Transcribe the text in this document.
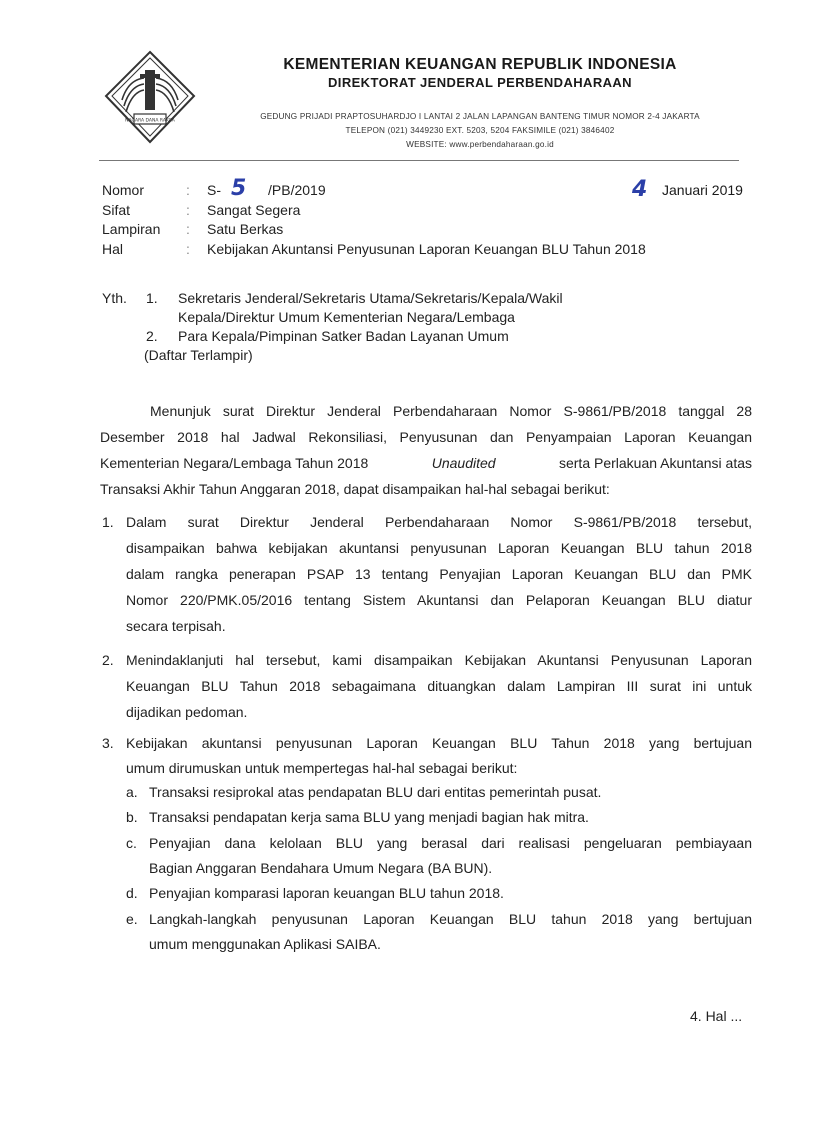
NAGARA DANA RAKCA
KEMENTERIAN KEUANGAN REPUBLIK INDONESIA
DIREKTORAT JENDERAL PERBENDAHARAAN
GEDUNG PRIJADI PRAPTOSUHARDJO I LANTAI 2 JALAN LAPANGAN BANTENG TIMUR NOMOR 2-4 JAKARTA
TELEPON (021) 3449230 EXT. 5203, 5204 FAKSIMILE (021) 3846402
WEBSITE: www.perbendaharaan.go.id
Nomor	: S- 5 /PB/2019	4 Januari 2019
Sifat	: Sangat Segera
Lampiran : Satu Berkas
Hal	: Kebijakan Akuntansi Penyusunan Laporan Keuangan BLU Tahun 2018
Yth. 1. Sekretaris Jenderal/Sekretaris Utama/Sekretaris/Kepala/Wakil
Kepala/Direktur Umum Kementerian Negara/Lembaga
2. Para Kepala/Pimpinan Satker Badan Layanan Umum
(Daftar Terlampir)
Menunjuk surat Direktur Jenderal Perbendaharaan Nomor S-9861/PB/2018 tanggal 28
Desember 2018 hal Jadwal Rekonsiliasi, Penyusunan dan Penyampaian Laporan Keuangan
Kementerian Negara/Lembaga Tahun 2018	Unaudited	serta Perlakuan Akuntansi atas
Transaksi Akhir Tahun Anggaran 2018, dapat disampaikan hal-hal sebagai berikut:
1. Dalam surat Direktur Jenderal Perbendaharaan Nomor S-9861/PB/2018 tersebut,
disampaikan bahwa kebijakan akuntansi penyusunan Laporan Keuangan BLU tahun 2018
dalam rangka penerapan PSAP 13 tentang Penyajian Laporan Keuangan BLU dan PMK
Nomor 220/PMK.05/2016 tentang Sistem Akuntansi dan Pelaporan Keuangan BLU diatur
secara terpisah.
2. Menindaklanjuti hal tersebut, kami disampaikan Kebijakan Akuntansi Penyusunan Laporan
Keuangan BLU Tahun 2018 sebagaimana dituangkan dalam Lampiran III surat ini untuk
dijadikan pedoman.
3. Kebijakan akuntansi penyusunan Laporan Keuangan BLU Tahun 2018 yang bertujuan
umum dirumuskan untuk mempertegas hal-hal sebagai berikut:
a. Transaksi resiprokal atas pendapatan BLU dari entitas pemerintah pusat.
b. Transaksi pendapatan kerja sama BLU yang menjadi bagian hak mitra.
c. Penyajian dana kelolaan BLU yang berasal dari realisasi pengeluaran pembiayaan
Bagian Anggaran Bendahara Umum Negara (BA BUN).
d. Penyajian komparasi laporan keuangan BLU tahun 2018.
e. Langkah-langkah penyusunan Laporan Keuangan BLU tahun 2018 yang bertujuan
umum menggunakan Aplikasi SAIBA.
4. Hal ...
